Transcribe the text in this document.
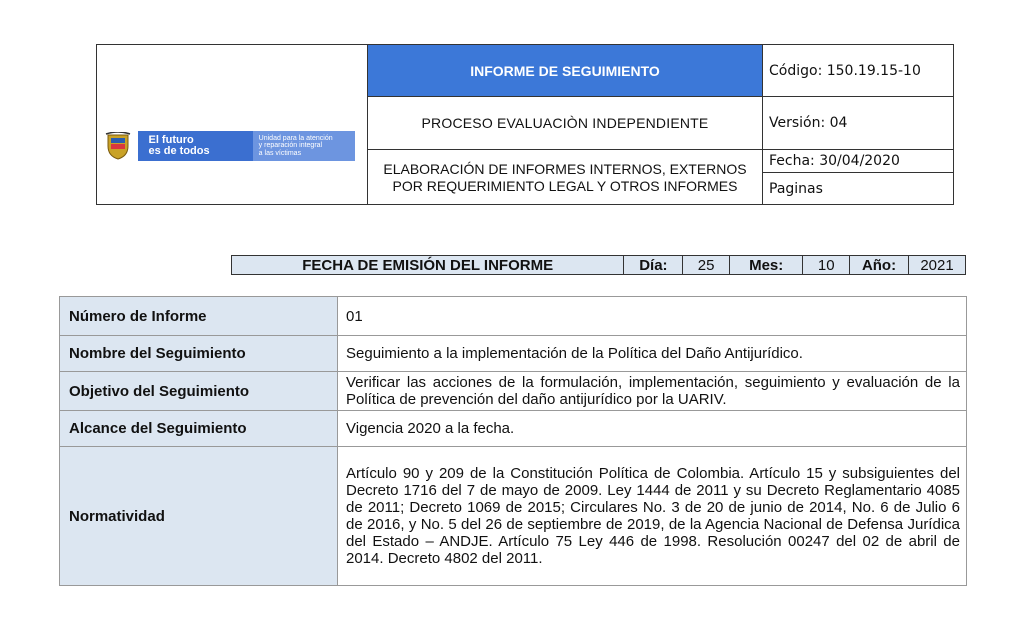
El futuro
es de todos
Unidad para la atención
y reparación integral
a las víctimas	INFORME DE SEGUIMIENTO	Código: 150.19.15-10
	PROCESO EVALUACIÒN INDEPENDIENTE	Versión: 04
	ELABORACIÓN DE INFORMES INTERNOS, EXTERNOS POR REQUERIMIENTO LEGAL Y OTROS INFORMES	Fecha: 30/04/2020
		Paginas
FECHA DE EMISIÓN DEL INFORME	Día:	25	Mes:	10	Año:	2021
Número de Informe	01
Nombre del Seguimiento	Seguimiento a la implementación de la Política del Daño Antijurídico.
Objetivo del Seguimiento	Verificar las acciones de la formulación, implementación, seguimiento y evaluación de la Política de prevención del daño antijurídico por la UARIV.
Alcance del Seguimiento	Vigencia 2020 a la fecha.
Normatividad	Artículo 90 y 209 de la Constitución Política de Colombia. Artículo 15 y subsiguientes del Decreto 1716 del 7 de mayo de 2009. Ley 1444 de 2011 y su Decreto Reglamentario 4085 de 2011; Decreto 1069 de 2015; Circulares No. 3 de 20 de junio de 2014, No. 6 de Julio 6 de 2016, y No. 5 del 26 de septiembre de 2019, de la Agencia Nacional de Defensa Jurídica del Estado – ANDJE. Artículo 75 Ley 446 de 1998. Resolución 00247 del 02 de abril de 2014. Decreto 4802 del 2011.
